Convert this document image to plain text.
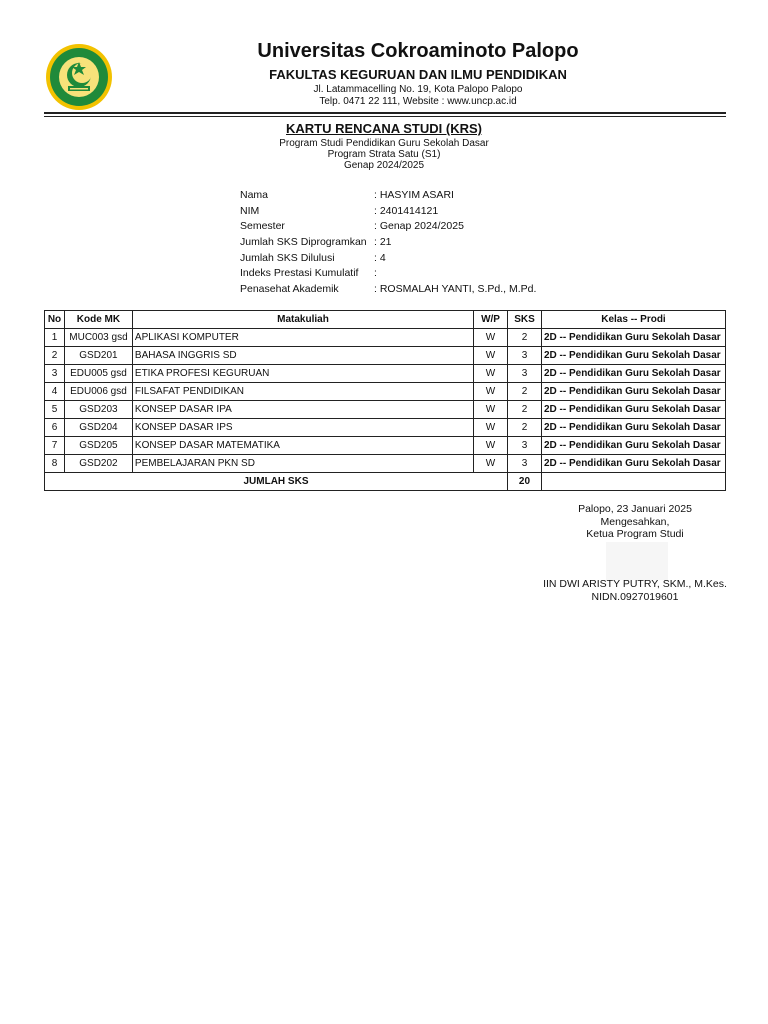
Universitas Cokroaminoto Palopo
FAKULTAS KEGURUAN DAN ILMU PENDIDIKAN
Jl. Latammacelling No. 19, Kota Palopo Palopo
Telp. 0471 22 111, Website : www.uncp.ac.id
KARTU RENCANA STUDI (KRS)
Program Studi Pendidikan Guru Sekolah Dasar
Program Strata Satu (S1)
Genap 2024/2025
Nama	: HASYIM ASARI
NIM	: 2401414121
Semester	: Genap 2024/2025
Jumlah SKS Diprogramkan : 21
Jumlah SKS Dilulusi	: 4
Indeks Prestasi Kumulatif	:
Penasehat Akademik	: ROSMALAH YANTI, S.Pd., M.Pd.
No	Kode MK	Matakuliah	W/P	SKS	Kelas -- Prodi
1	MUC003 gsd	APLIKASI KOMPUTER	W	2	2D -- Pendidikan Guru Sekolah Dasar
2	GSD201	BAHASA INGGRIS SD	W	3	2D -- Pendidikan Guru Sekolah Dasar
3	EDU005 gsd	ETIKA PROFESI KEGURUAN	W	3	2D -- Pendidikan Guru Sekolah Dasar
4	EDU006 gsd	FILSAFAT PENDIDIKAN	W	2	2D -- Pendidikan Guru Sekolah Dasar
5	GSD203	KONSEP DASAR IPA	W	2	2D -- Pendidikan Guru Sekolah Dasar
6	GSD204	KONSEP DASAR IPS	W	2	2D -- Pendidikan Guru Sekolah Dasar
7	GSD205	KONSEP DASAR MATEMATIKA	W	3	2D -- Pendidikan Guru Sekolah Dasar
8	GSD202	PEMBELAJARAN PKN SD	W	3	2D -- Pendidikan Guru Sekolah Dasar
JUMLAH SKS				20	
Palopo, 23 Januari 2025
Mengesahkan,
Ketua Program Studi
IIN DWI ARISTY PUTRY, SKM., M.Kes.
NIDN.0927019601
